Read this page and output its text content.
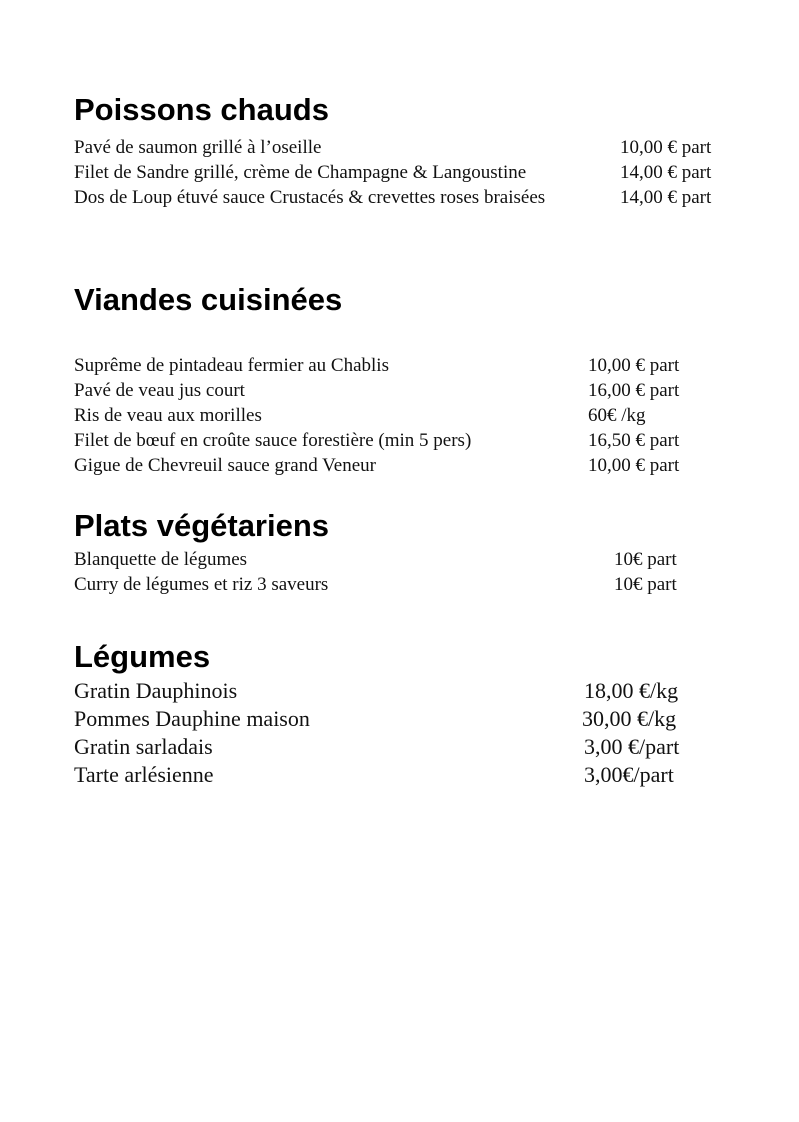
Poissons chauds
Pavé de saumon grillé à l’oseille	10,00 € part
Filet de Sandre grillé, crème de Champagne & Langoustine	14,00 € part
Dos de Loup étuvé sauce Crustacés & crevettes roses braisées	14,00 € part
Viandes cuisinées
Suprême de pintadeau fermier au Chablis	10,00 € part
Pavé de veau jus court	16,00 € part
Ris de veau aux morilles	60€ /kg
Filet de bœuf en croûte sauce forestière (min 5 pers)	16,50 € part
Gigue de Chevreuil sauce grand Veneur	10,00 € part
Plats végétariens
Blanquette de légumes	10€ part
Curry de légumes et riz 3 saveurs	10€ part
Légumes
Gratin Dauphinois	18,00 €/kg
Pommes Dauphine maison	30,00 €/kg
Gratin sarladais	3,00 €/part
Tarte arlésienne	3,00€/part
